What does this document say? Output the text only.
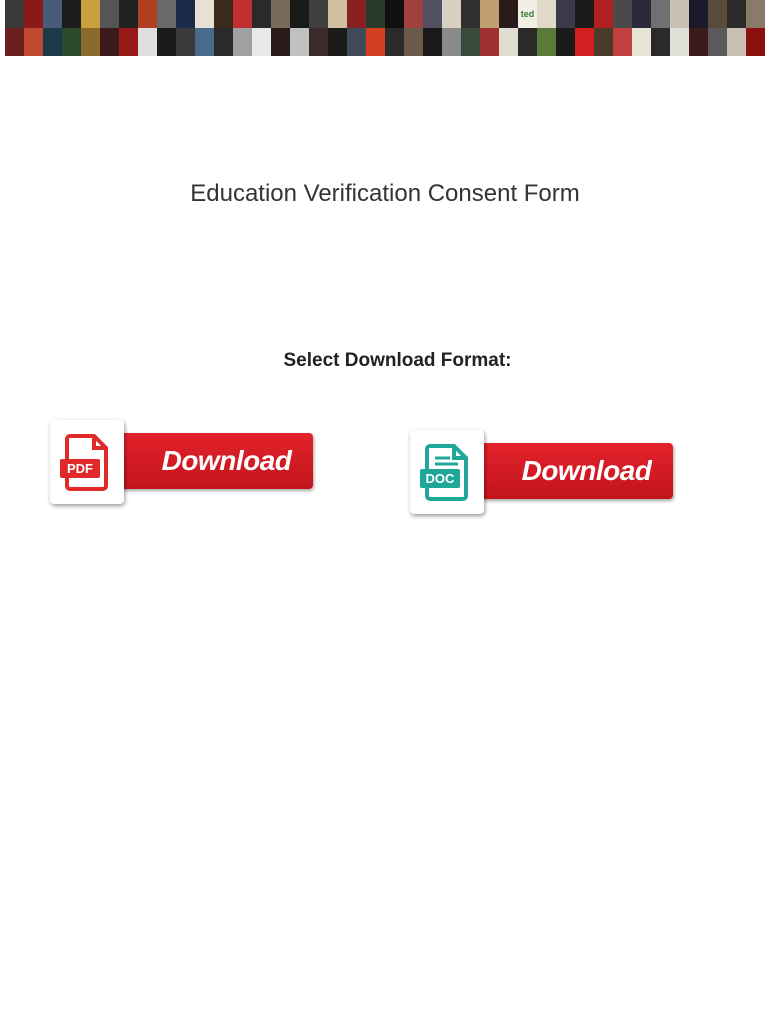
ted
Education Verification Consent Form
Select Download Format:
PDF Download
DOC Download
